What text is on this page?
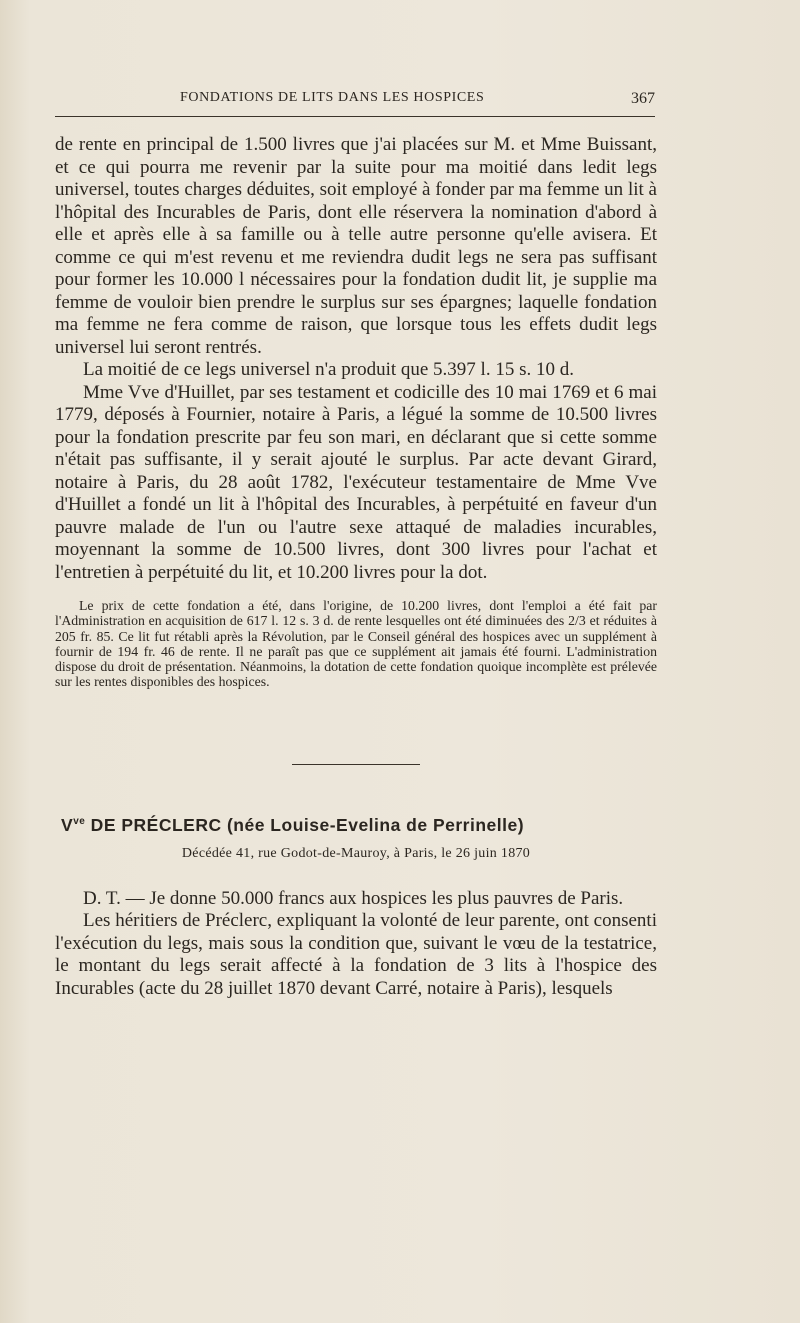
FONDATIONS DE LITS DANS LES HOSPICES	367

de rente en principal de 1.500 livres que j'ai placées sur M. et Mme Buissant, et ce qui pourra me revenir par la suite pour ma moitié dans ledit legs universel, toutes charges déduites, soit employé à fonder par ma femme un lit à l'hôpital des Incurables de Paris, dont elle réservera la nomination d'abord à elle et après elle à sa famille ou à telle autre personne qu'elle avisera. Et comme ce qui m'est revenu et me reviendra dudit legs ne sera pas suffisant pour former les 10.000 l nécessaires pour la fondation dudit lit, je supplie ma femme de vouloir bien prendre le surplus sur ses épargnes; laquelle fondation ma femme ne fera comme de raison, que lorsque tous les effets dudit legs universel lui seront rentrés.

La moitié de ce legs universel n'a produit que 5.397 l. 15 s. 10 d.

Mme Vve d'Huillet, par ses testament et codicille des 10 mai 1769 et 6 mai 1779, déposés à Fournier, notaire à Paris, a légué la somme de 10.500 livres pour la fondation prescrite par feu son mari, en déclarant que si cette somme n'était pas suffisante, il y serait ajouté le surplus. Par acte devant Girard, notaire à Paris, du 28 août 1782, l'exécuteur testamentaire de Mme Vve d'Huillet a fondé un lit à l'hôpital des Incurables, à perpétuité en faveur d'un pauvre malade de l'un ou l'autre sexe attaqué de maladies incurables, moyennant la somme de 10.500 livres, dont 300 livres pour l'achat et l'entretien à perpétuité du lit, et 10.200 livres pour la dot.

Le prix de cette fondation a été, dans l'origine, de 10.200 livres, dont l'emploi a été fait par l'Administration en acquisition de 617 l. 12 s. 3 d. de rente lesquelles ont été diminuées des 2/3 et réduites à 205 fr. 85. Ce lit fut rétabli après la Révolution, par le Conseil général des hospices avec un supplément à fournir de 194 fr. 46 de rente. Il ne paraît pas que ce supplément ait jamais été fourni. L'administration dispose du droit de présentation. Néanmoins, la dotation de cette fondation quoique incomplète est prélevée sur les rentes disponibles des hospices.

$V^{ve}$ DE PRÉCLERC (née Louise-Evelina de Perrinelle)
Décédée 41, rue Godot-de-Mauroy, à Paris, le 26 juin 1870

D. T. — Je donne 50.000 francs aux hospices les plus pauvres de Paris.

Les héritiers de Préclerc, expliquant la volonté de leur parente, ont consenti l'exécution du legs, mais sous la condition que, suivant le vœu de la testatrice, le montant du legs serait affecté à la fondation de 3 lits à l'hospice des Incurables (acte du 28 juillet 1870 devant Carré, notaire à Paris), lesquels
